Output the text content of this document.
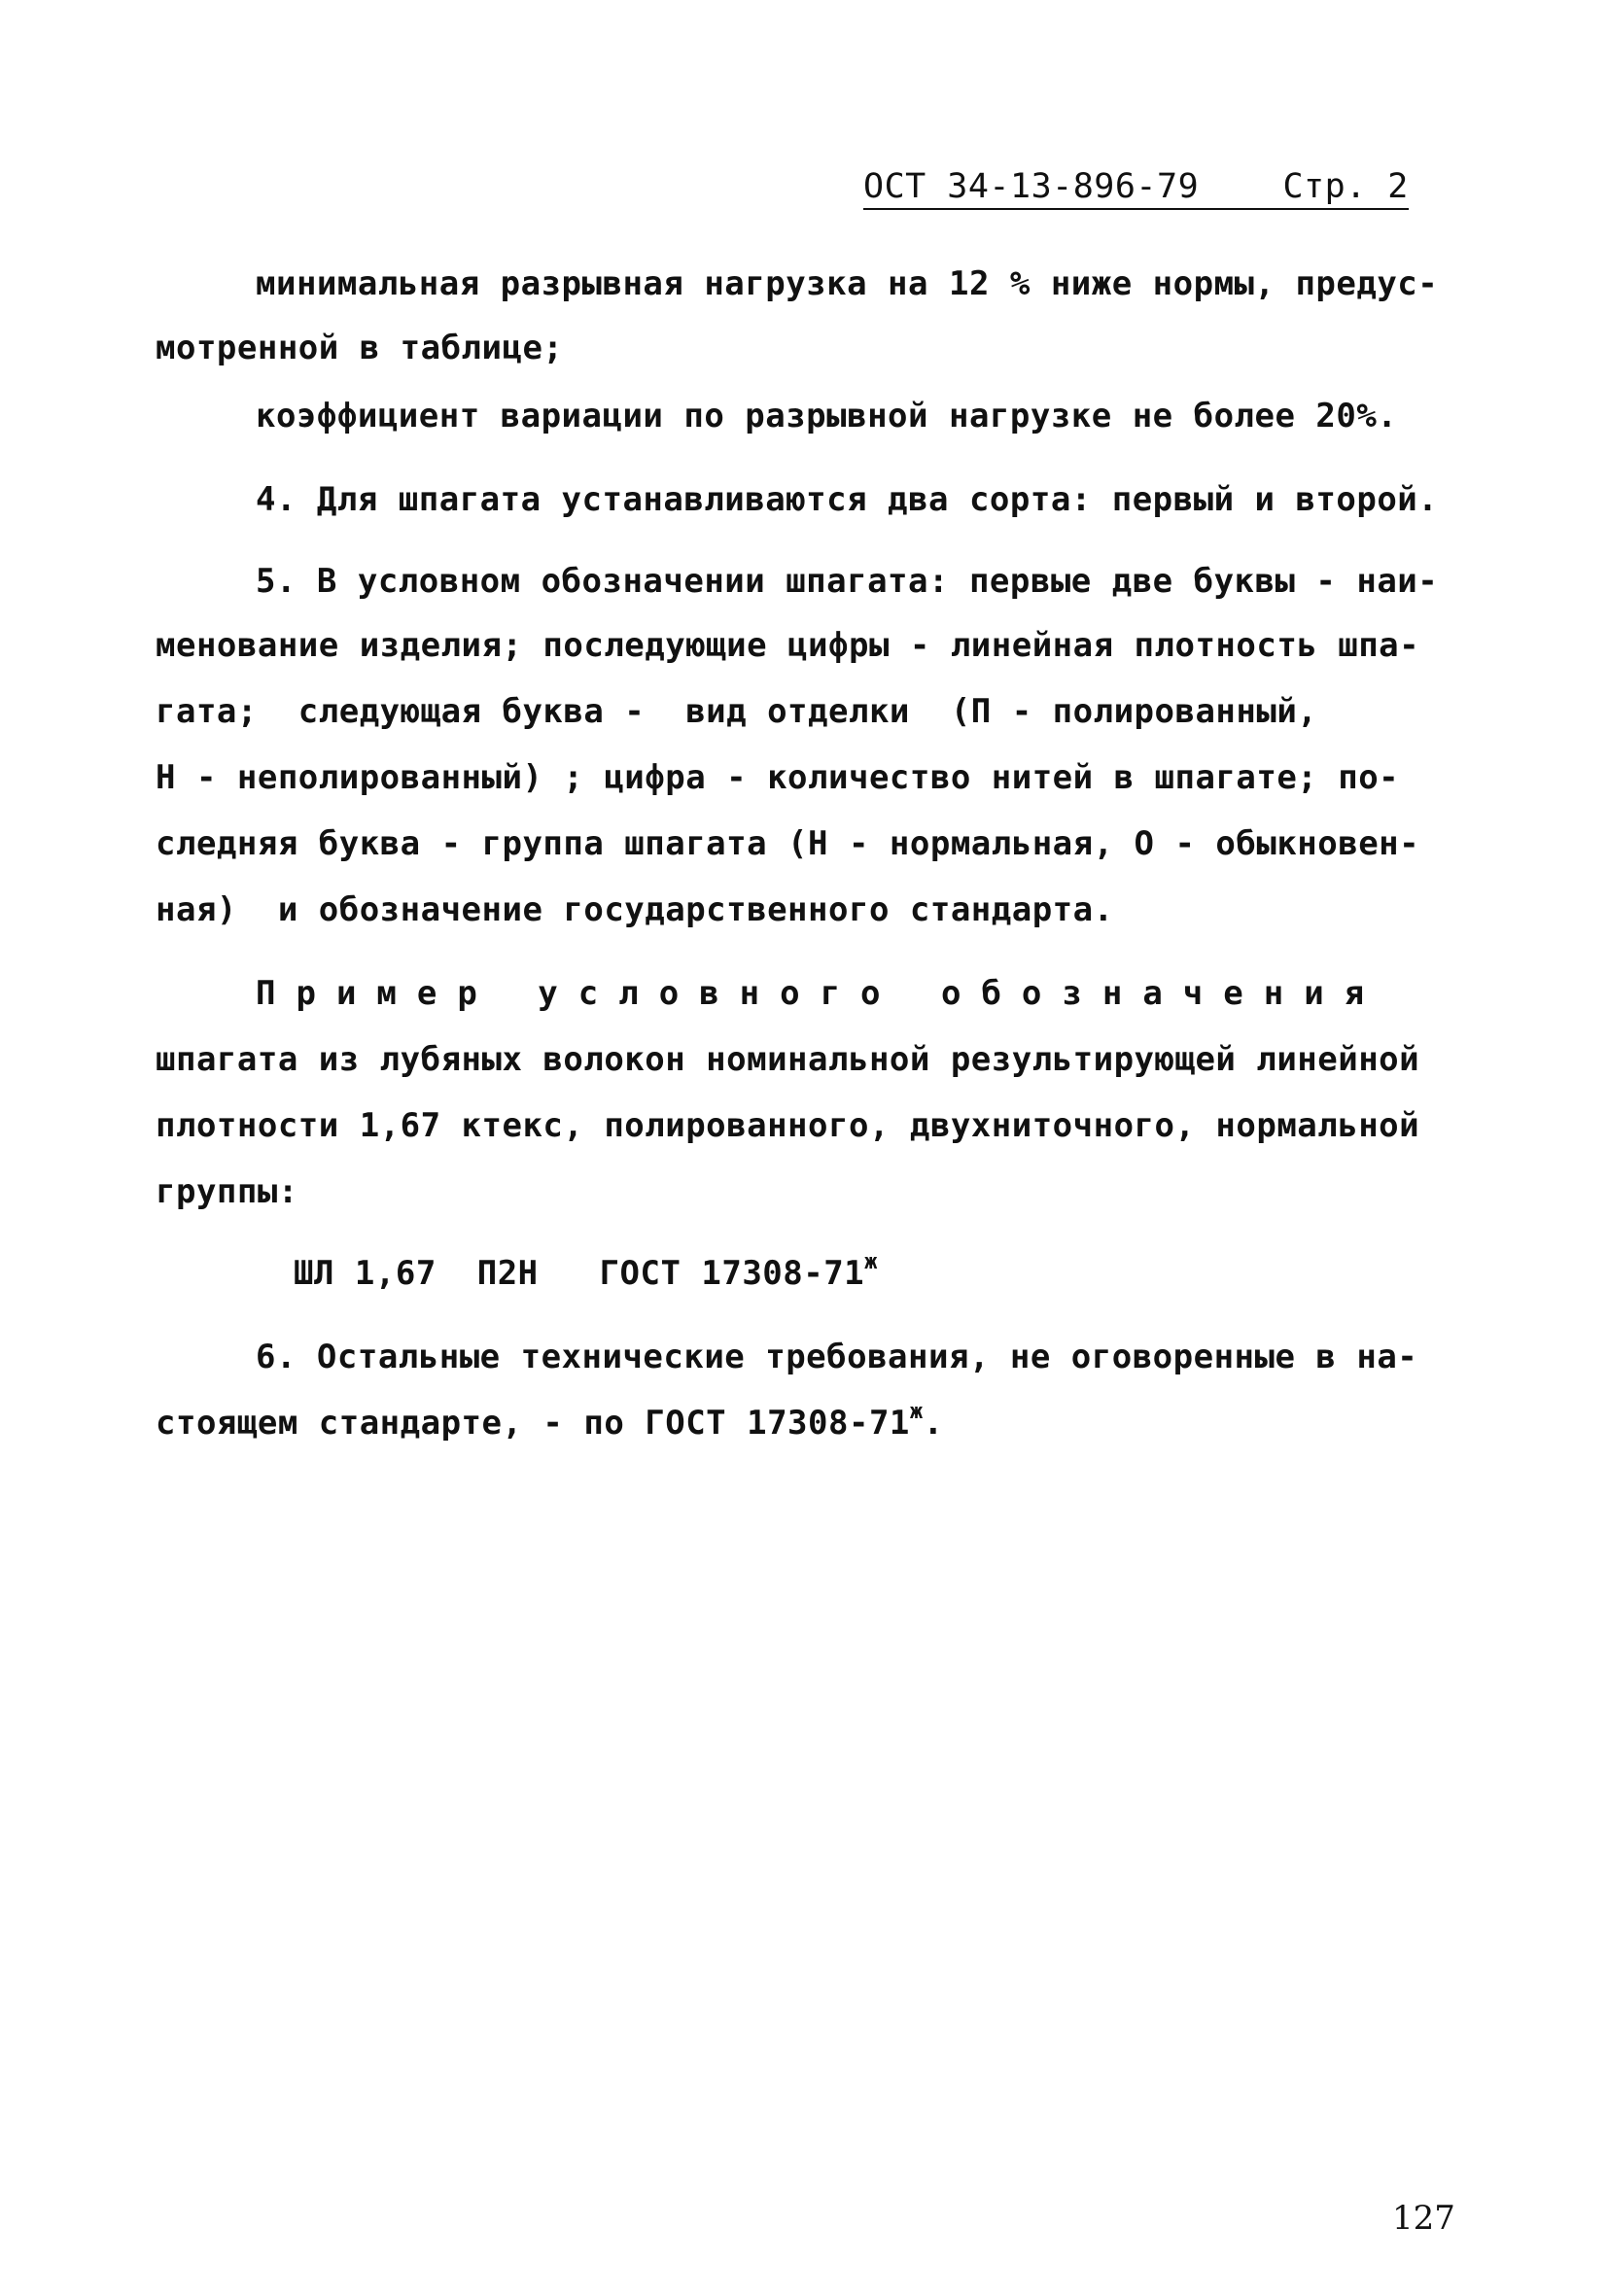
ОСТ 34-13-896-79 Стр. 2
минимальная разрывная нагрузка на 12 % ниже нормы, предус-
мотренной в таблице;
коэффициент вариации по разрывной нагрузке не более 20%.
4. Для шпагата устанавливаются два сорта: первый и второй.
5. В условном обозначении шпагата: первые две буквы - наи-
менование изделия; последующие цифры - линейная плотность шпа-
гата;  следующая буква -  вид отделки  (П - полированный,
Н - неполированный) ; цифра - количество нитей в шпагате; по-
следняя буква - группа шпагата (Н - нормальная, О - обыкновен-
ная)  и обозначение государственного стандарта.
Пример условного обозначения
шпагата из лубяных волокон номинальной результирующей линейной
плотности 1,67 ктекс, полированного, двухниточного, нормальной
группы:
ШЛ 1,67  П2Н   ГОСТ $17308-71^ж$
6. Остальные технические требования, не оговоренные в на-
стоящем стандарте, - по ГОСТ $17308-71^ж$.
127
